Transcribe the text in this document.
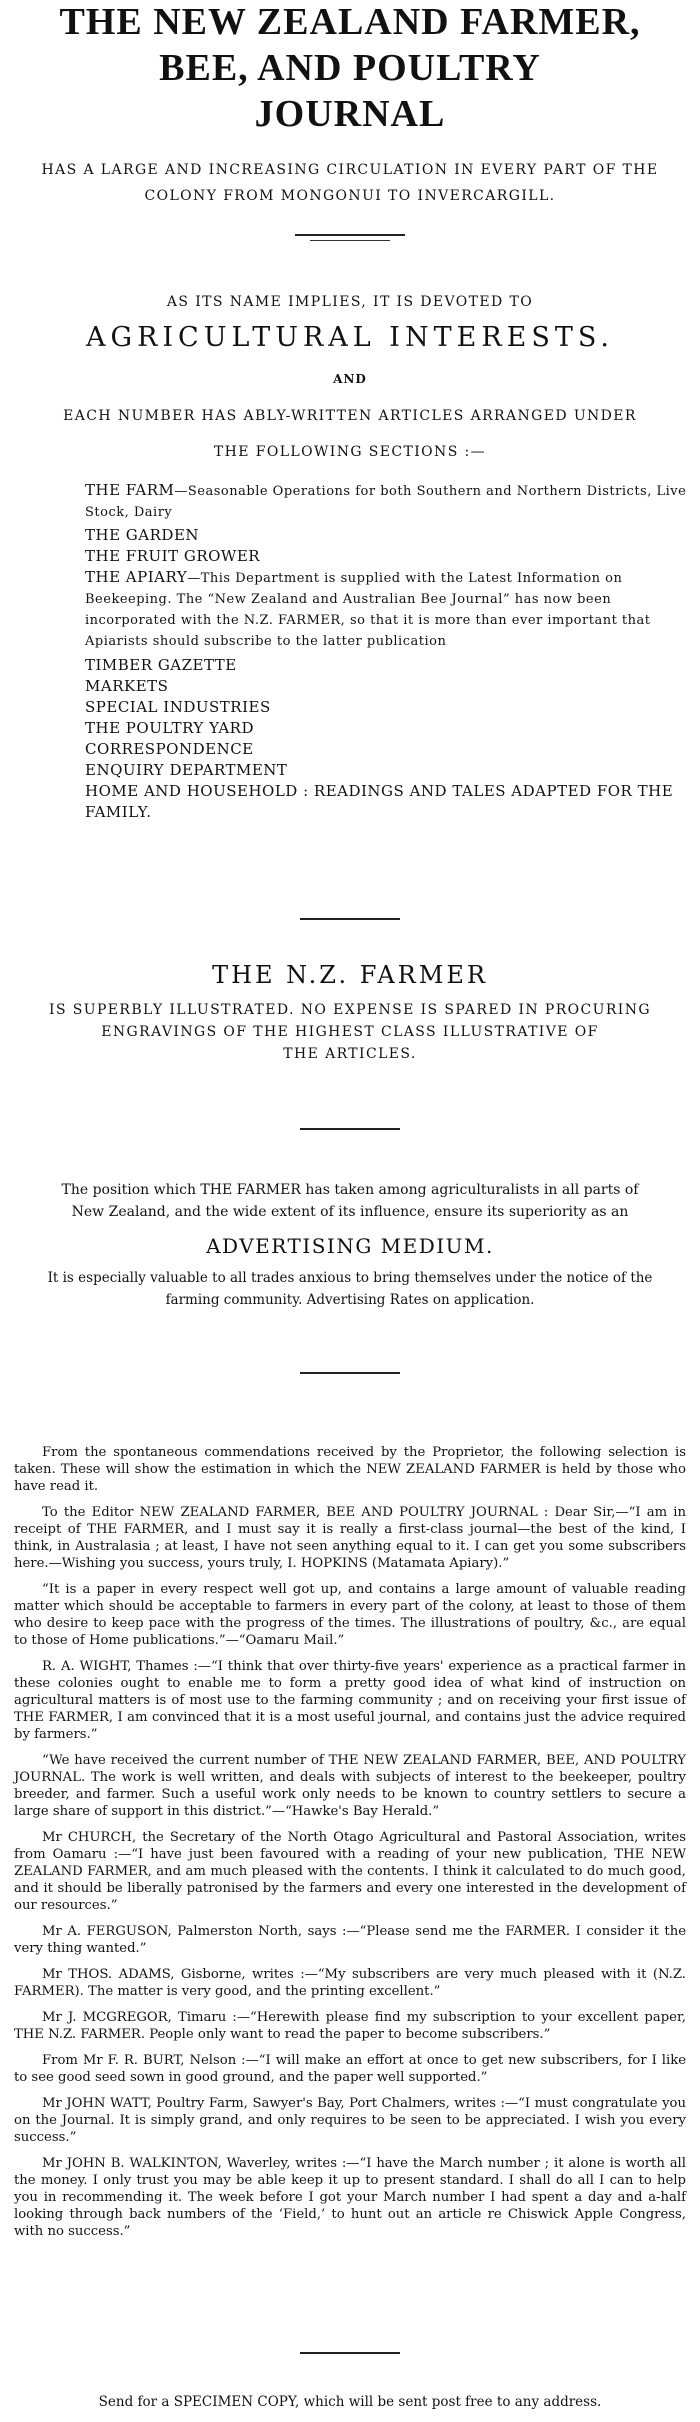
THE NEW ZEALAND FARMER,
BEE, AND POULTRY
JOURNAL
HAS A LARGE AND INCREASING CIRCULATION IN EVERY PART OF THE
COLONY FROM MONGONUI TO INVERCARGILL.
AS ITS NAME IMPLIES, IT IS DEVOTED TO
AGRICULTURAL INTERESTS.
AND
EACH NUMBER HAS ABLY-WRITTEN ARTICLES ARRANGED UNDER
THE FOLLOWING SECTIONS :—
THE FARM—Seasonable Operations for both Southern and Northern Districts, Live Stock, Dairy
THE GARDEN
THE FRUIT GROWER
THE APIARY—This Department is supplied with the Latest Information on Beekeeping. The “New Zealand and Australian Bee Journal” has now been incorporated with the N.Z. FARMER, so that it is more than ever important that Apiarists should subscribe to the latter publication
TIMBER GAZETTE
MARKETS
SPECIAL INDUSTRIES
THE POULTRY YARD
CORRESPONDENCE
ENQUIRY DEPARTMENT
HOME AND HOUSEHOLD : READINGS AND TALES ADAPTED FOR THE FAMILY.
THE N.Z. FARMER
IS SUPERBLY ILLUSTRATED. NO EXPENSE IS SPARED IN PROCURING
ENGRAVINGS OF THE HIGHEST CLASS ILLUSTRATIVE OF
THE ARTICLES.
The position which THE FARMER has taken among agriculturalists in all parts of
New Zealand, and the wide extent of its influence, ensure its superiority as an
ADVERTISING MEDIUM.
It is especially valuable to all trades anxious to bring themselves under the notice of the
farming community. Advertising Rates on application.

From the spontaneous commendations received by the Proprietor, the following selection is taken. These will show the estimation in which the NEW ZEALAND FARMER is held by those who have read it.

To the Editor NEW ZEALAND FARMER, BEE AND POULTRY JOURNAL : Dear Sir,—“I am in receipt of THE FARMER, and I must say it is really a first-class journal—the best of the kind, I think, in Australasia ; at least, I have not seen anything equal to it. I can get you some subscribers here.—Wishing you success, yours truly, I. HOPKINS (Matamata Apiary).”

“It is a paper in every respect well got up, and contains a large amount of valuable reading matter which should be acceptable to farmers in every part of the colony, at least to those of them who desire to keep pace with the progress of the times. The illustrations of poultry, &c., are equal to those of Home publications.”—“Oamaru Mail.”

R. A. WIGHT, Thames :—“I think that over thirty-five years' experience as a practical farmer in these colonies ought to enable me to form a pretty good idea of what kind of instruction on agricultural matters is of most use to the farming community ; and on receiving your first issue of THE FARMER, I am convinced that it is a most useful journal, and contains just the advice required by farmers.”

“We have received the current number of THE NEW ZEALAND FARMER, BEE, AND POULTRY JOURNAL. The work is well written, and deals with subjects of interest to the beekeeper, poultry breeder, and farmer. Such a useful work only needs to be known to country settlers to secure a large share of support in this district.”—“Hawke's Bay Herald.”

Mr CHURCH, the Secretary of the North Otago Agricultural and Pastoral Association, writes from Oamaru :—“I have just been favoured with a reading of your new publication, THE NEW ZEALAND FARMER, and am much pleased with the contents. I think it calculated to do much good, and it should be liberally patronised by the farmers and every one interested in the development of our resources.”

Mr A. FERGUSON, Palmerston North, says :—“Please send me the FARMER. I consider it the very thing wanted.”

Mr THOS. ADAMS, Gisborne, writes :—“My subscribers are very much pleased with it (N.Z. FARMER). The matter is very good, and the printing excellent.”

Mr J. MCGREGOR, Timaru :—“Herewith please find my subscription to your excellent paper, THE N.Z. FARMER. People only want to read the paper to become subscribers.”

From Mr F. R. BURT, Nelson :—“I will make an effort at once to get new subscribers, for I like to see good seed sown in good ground, and the paper well supported.”

Mr JOHN WATT, Poultry Farm, Sawyer's Bay, Port Chalmers, writes :—“I must congratulate you on the Journal. It is simply grand, and only requires to be seen to be appreciated. I wish you every success.”

Mr JOHN B. WALKINTON, Waverley, writes :—“I have the March number ; it alone is worth all the money. I only trust you may be able keep it up to present standard. I shall do all I can to help you in recommending it. The week before I got your March number I had spent a day and a-half looking through back numbers of the ‘Field,’ to hunt out an article re Chiswick Apple Congress, with no success.”

Send for a SPECIMEN COPY, which will be sent post free to any address.
